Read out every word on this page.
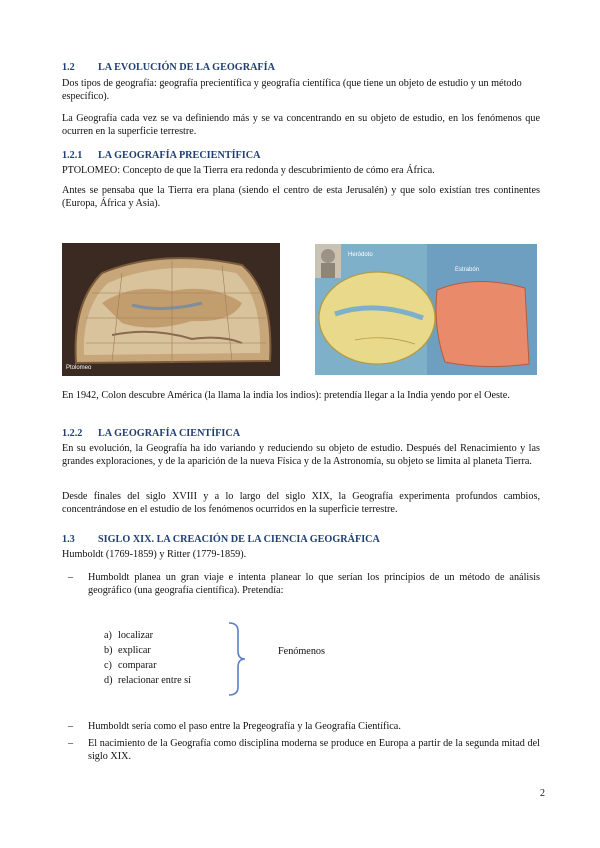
1.2 LA EVOLUCIÓN DE LA GEOGRAFÍA

Dos tipos de geografía: geografía precientífica y geografía científica (que tiene un objeto de estudio y un método específico).

La Geografía cada vez se va definiendo más y se va concentrando en su objeto de estudio, en los fenómenos que ocurren en la superficie terrestre.

1.2.1 LA GEOGRAFÍA PRECIENTÍFICA

PTOLOMEO: Concepto de que la Tierra era redonda y descubrimiento de cómo era África.

Antes se pensaba que la Tierra era plana (siendo el centro de esta Jerusalén) y que solo existían tres continentes (Europa, África y Asia).

Ptolomeo
Heródoto
Estrabón

En 1942, Colon descubre América (la llama la india los indios): pretendía llegar a la India yendo por el Oeste.

1.2.2 LA GEOGRAFÍA CIENTÍFICA

En su evolución, la Geografía ha ido variando y reduciendo su objeto de estudio. Después del Renacimiento y las grandes exploraciones, y de la aparición de la nueva Física y de la Astronomía, su objeto se limita al planeta Tierra.

Desde finales del siglo XVIII y a lo largo del siglo XIX, la Geografía experimenta profundos cambios, concentrándose en el estudio de los fenómenos ocurridos en la superficie terrestre.

1.3 SIGLO XIX. LA CREACIÓN DE LA CIENCIA GEOGRÁFICA

Humboldt (1769-1859) y Ritter (1779-1859).

–	Humboldt planea un gran viaje e intenta planear lo que serían los principios de un método de análisis geográfico (una geografía científica). Pretendía:
a) localizar
b) explicar
c) comparar
d) relacionar entre sí
Fenómenos
–	Humboldt sería como el paso entre la Pregeografía y la Geografía Científica.
–	El nacimiento de la Geografía como disciplina moderna se produce en Europa a partir de la segunda mitad del siglo XIX.
2
